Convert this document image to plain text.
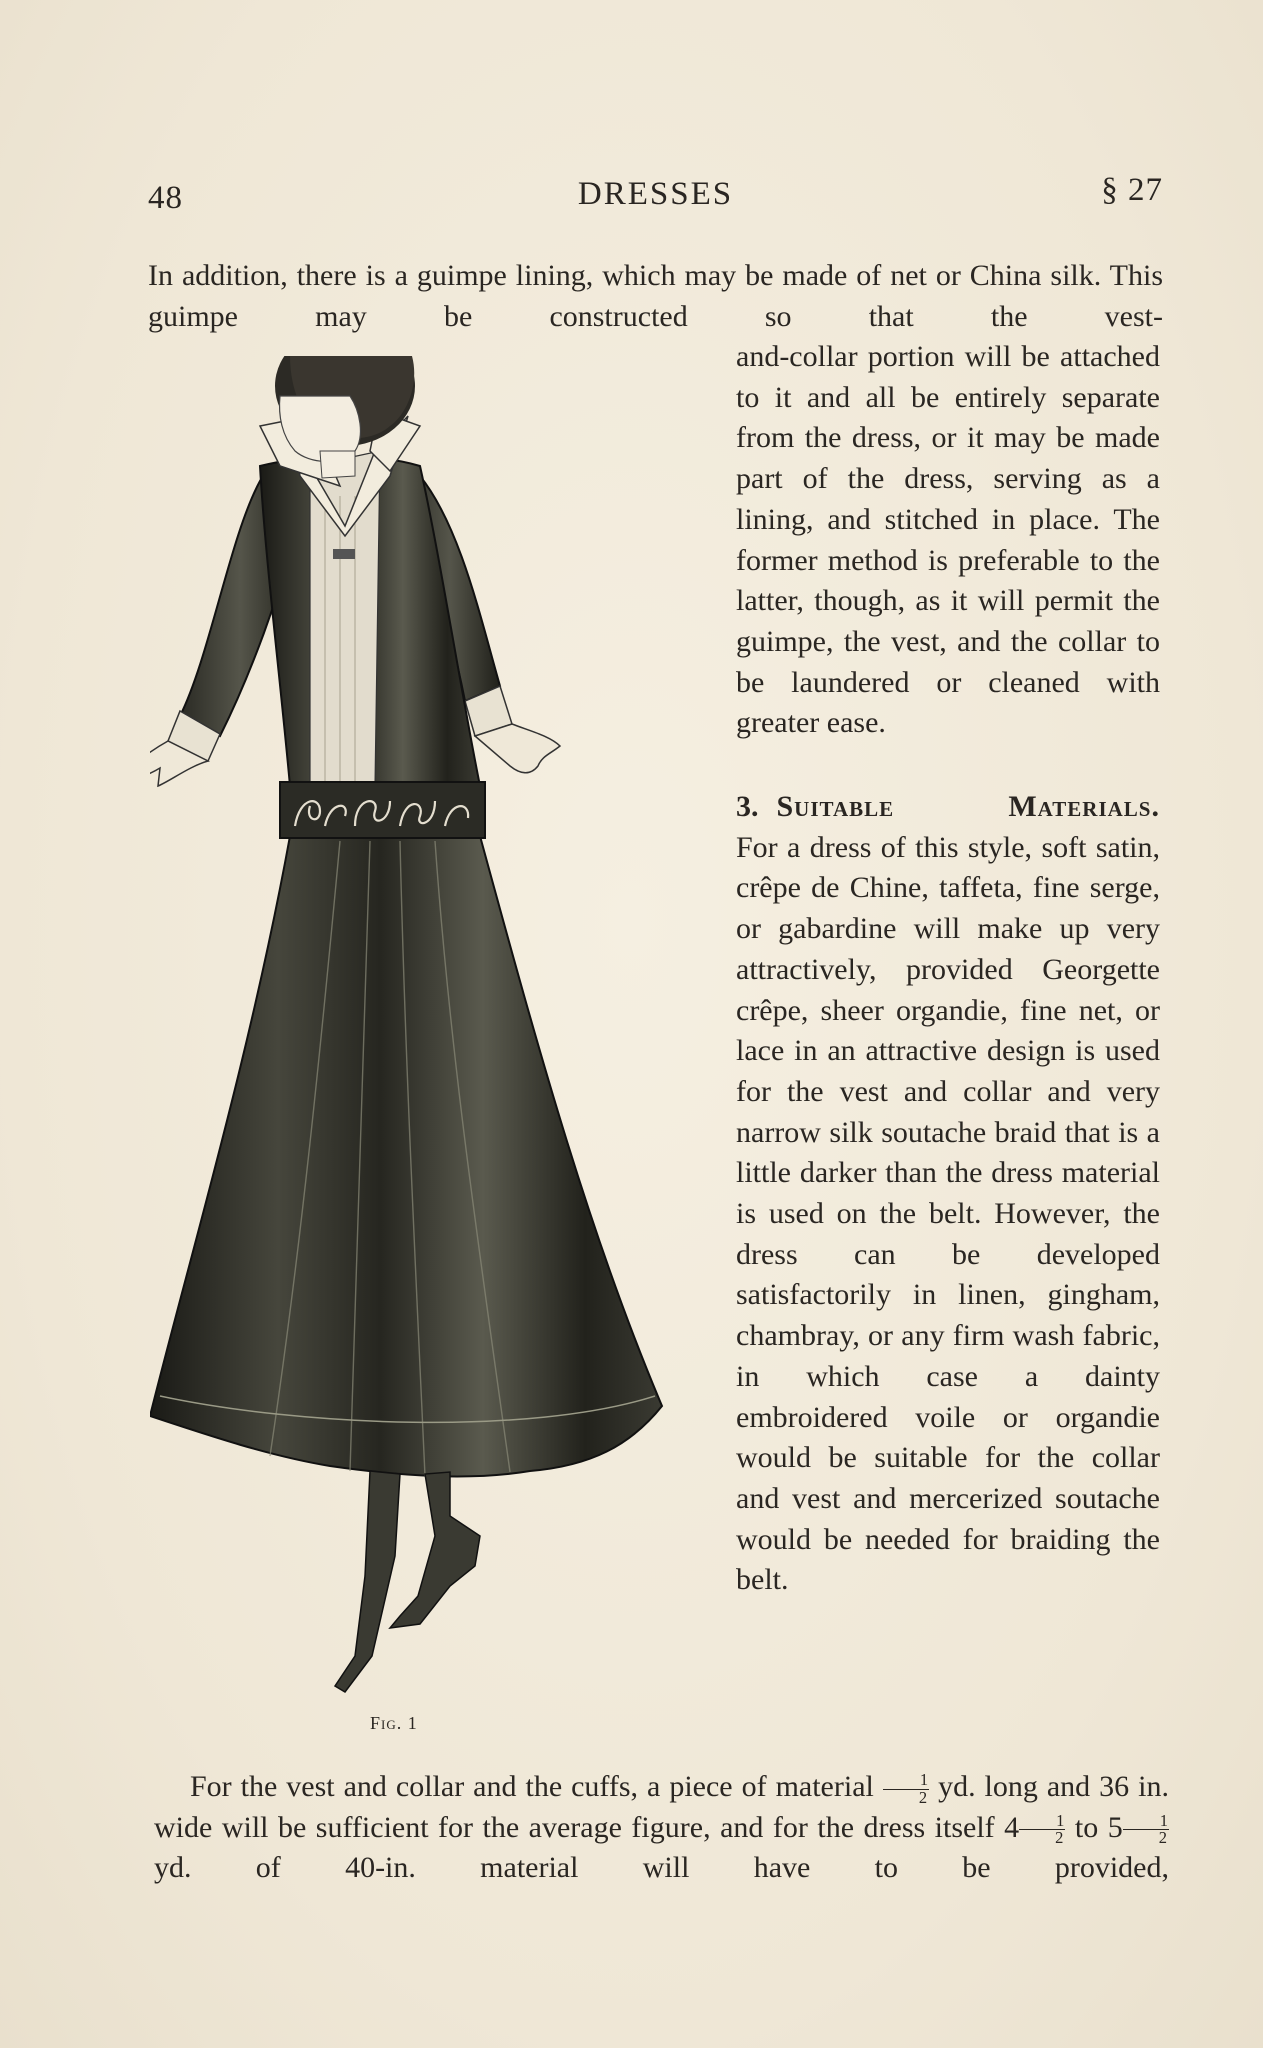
48	DRESSES	§ 27

In addition, there is a guimpe lining, which may be made of net or China silk. This guimpe may be constructed so that the vest-

Fig. 1

and-collar portion will be attached to it and all be entirely separate from the dress, or it may be made part of the dress, serving as a lining, and stitched in place. The former method is preferable to the latter, though, as it will permit the guimpe, the vest, and the collar to be laundered or cleaned with greater ease.

3. Suitable Materials.

For a dress of this style, soft satin, crêpe de Chine, taffeta, fine serge, or gabardine will make up very attractively, provided Georgette crêpe, sheer organdie, fine net, or lace in an attractive design is used for the vest and collar and very narrow silk soutache braid that is a little darker than the dress material is used on the belt. However, the dress can be developed satisfactorily in linen, gingham, chambray, or any firm wash fabric, in which case a dainty embroidered voile or organdie would be suitable for the collar and vest and mercerized soutache would be needed for braiding the belt.

For the vest and collar and the cuffs, a piece of material $\frac{1}{2}$ yd. long and 36 in. wide will be sufficient for the average figure, and for the dress itself $4 \frac{1}{2}$ to $5 \frac{1}{2}$
yd. of 40-in. material will have to be provided,
